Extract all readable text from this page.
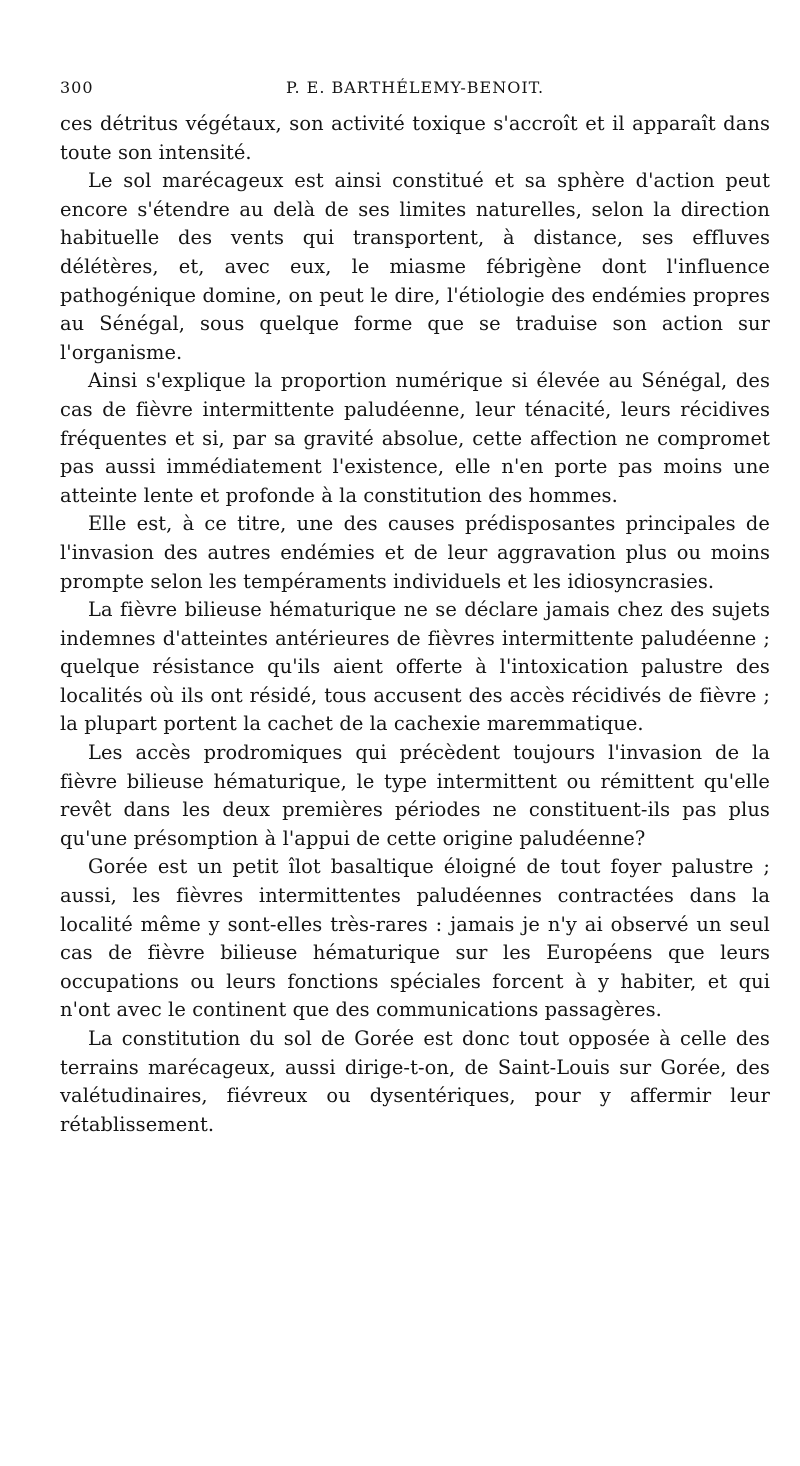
300	P. E. BARTHÉLEMY-BENOIT.

ces détritus végétaux, son activité toxique s'accroît et il apparaît dans toute son intensité.

Le sol marécageux est ainsi constitué et sa sphère d'action peut encore s'étendre au delà de ses limites naturelles, selon la direction habituelle des vents qui transportent, à distance, ses effluves délétères, et, avec eux, le miasme fébrigène dont l'influence pathogénique domine, on peut le dire, l'étiologie des endémies propres au Sénégal, sous quelque forme que se traduise son action sur l'organisme.

Ainsi s'explique la proportion numérique si élevée au Sénégal, des cas de fièvre intermittente paludéenne, leur ténacité, leurs récidives fréquentes et si, par sa gravité absolue, cette affection ne compromet pas aussi immédiatement l'existence, elle n'en porte pas moins une atteinte lente et profonde à la constitution des hommes.

Elle est, à ce titre, une des causes prédisposantes principales de l'invasion des autres endémies et de leur aggravation plus ou moins prompte selon les tempéraments individuels et les idiosyncrasies.

La fièvre bilieuse hématurique ne se déclare jamais chez des sujets indemnes d'atteintes antérieures de fièvres intermittente paludéenne ; quelque résistance qu'ils aient offerte à l'intoxication palustre des localités où ils ont résidé, tous accusent des accès récidivés de fièvre ; la plupart portent la cachet de la cachexie maremmatique.

Les accès prodromiques qui précèdent toujours l'invasion de la fièvre bilieuse hématurique, le type intermittent ou rémittent qu'elle revêt dans les deux premières périodes ne constituent-ils pas plus qu'une présomption à l'appui de cette origine paludéenne?

Gorée est un petit îlot basaltique éloigné de tout foyer palustre ; aussi, les fièvres intermittentes paludéennes contractées dans la localité même y sont-elles très-rares : jamais je n'y ai observé un seul cas de fièvre bilieuse hématurique sur les Européens que leurs occupations ou leurs fonctions spéciales forcent à y habiter, et qui n'ont avec le continent que des communications passagères.

La constitution du sol de Gorée est donc tout opposée à celle des terrains marécageux, aussi dirige-t-on, de Saint-Louis sur Gorée, des valétudinaires, fiévreux ou dysentériques, pour y affermir leur rétablissement.
